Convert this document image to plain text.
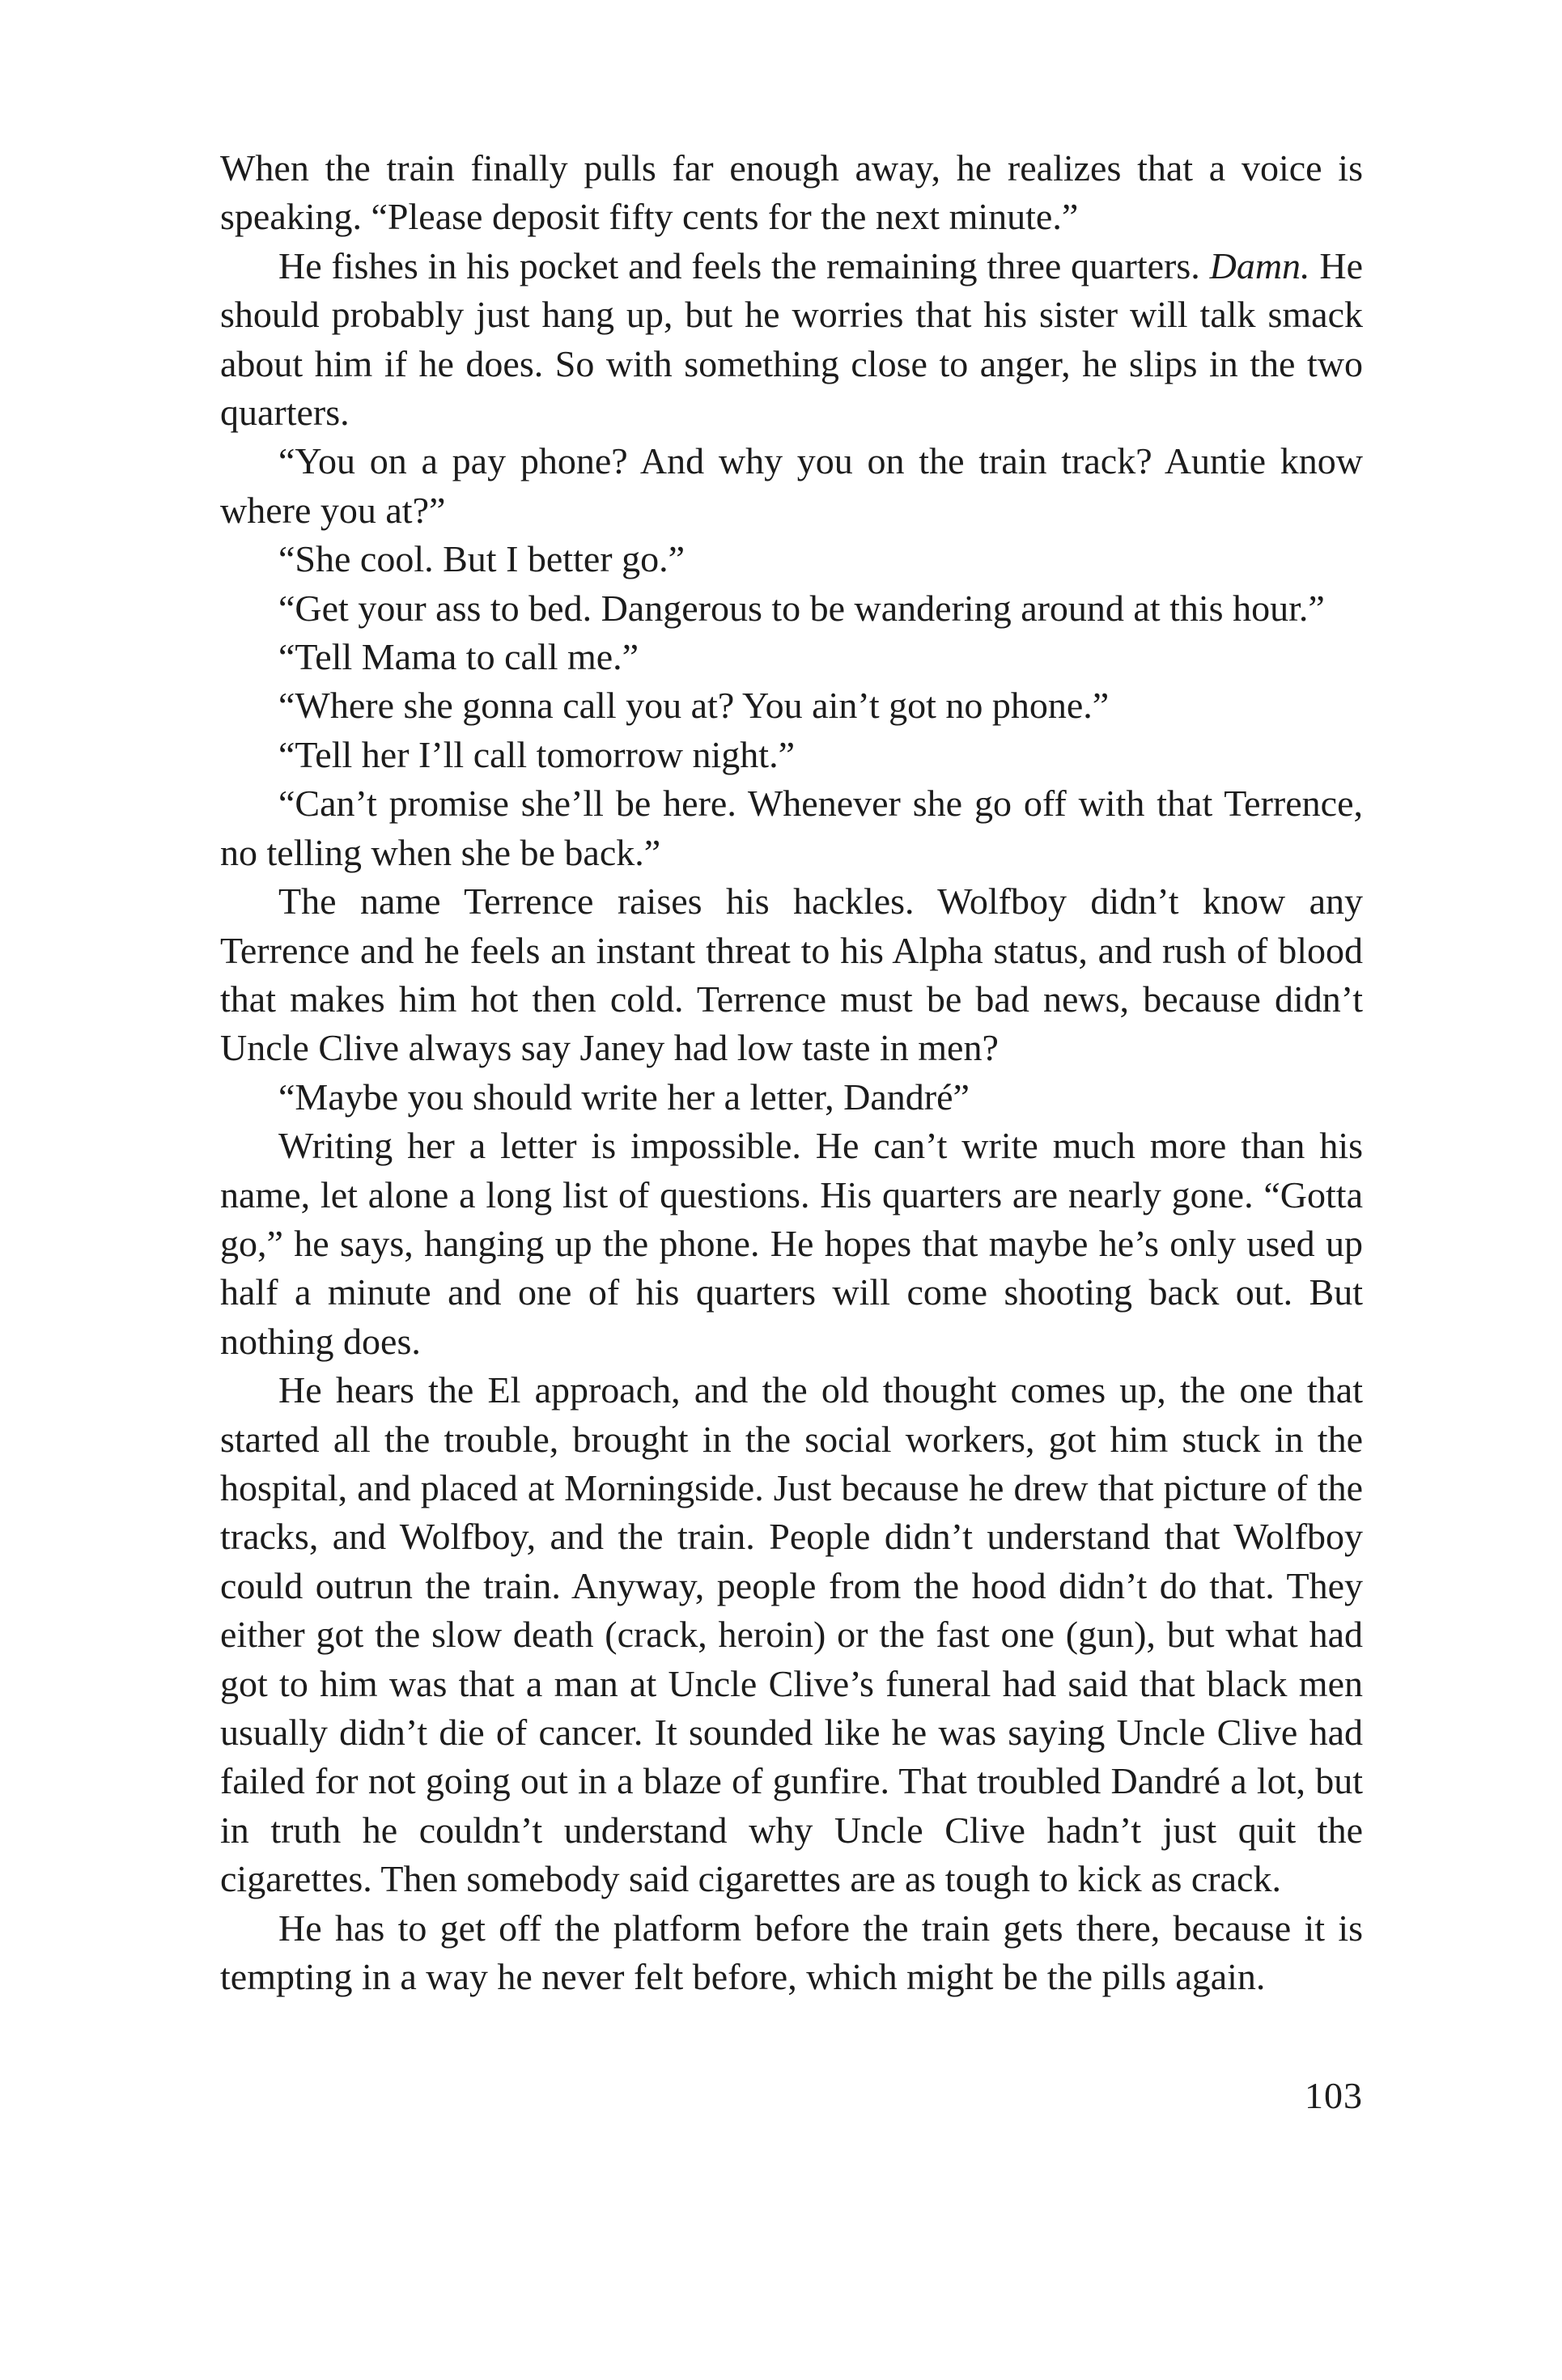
When the train finally pulls far enough away, he realizes that a voice is speaking. “Please deposit fifty cents for the next minute.”

He fishes in his pocket and feels the remaining three quarters. Damn. He should probably just hang up, but he worries that his sister will talk smack about him if he does. So with something close to anger, he slips in the two quarters.

“You on a pay phone? And why you on the train track? Auntie know where you at?”

“She cool. But I better go.”

“Get your ass to bed. Dangerous to be wandering around at this hour.”

“Tell Mama to call me.”

“Where she gonna call you at? You ain’t got no phone.”

“Tell her I’ll call tomorrow night.”

“Can’t promise she’ll be here. Whenever she go off with that Terrence, no telling when she be back.”

The name Terrence raises his hackles. Wolfboy didn’t know any Terrence and he feels an instant threat to his Alpha status, and rush of blood that makes him hot then cold. Terrence must be bad news, because didn’t Uncle Clive always say Janey had low taste in men?

“Maybe you should write her a letter, Dandré”

Writing her a letter is impossible. He can’t write much more than his name, let alone a long list of questions. His quarters are nearly gone. “Gotta go,” he says, hanging up the phone. He hopes that maybe he’s only used up half a minute and one of his quarters will come shooting back out. But nothing does.

He hears the El approach, and the old thought comes up, the one that started all the trouble, brought in the social workers, got him stuck in the hospital, and placed at Morningside. Just because he drew that picture of the tracks, and Wolfboy, and the train. People didn’t understand that Wolfboy could outrun the train. Anyway, people from the hood didn’t do that. They either got the slow death (crack, heroin) or the fast one (gun), but what had got to him was that a man at Uncle Clive’s funeral had said that black men usually didn’t die of cancer. It sounded like he was saying Uncle Clive had failed for not going out in a blaze of gunfire. That troubled Dandré a lot, but in truth he couldn’t understand why Uncle Clive hadn’t just quit the cigarettes. Then somebody said cigarettes are as tough to kick as crack.

He has to get off the platform before the train gets there, because it is tempting in a way he never felt before, which might be the pills again.

103
